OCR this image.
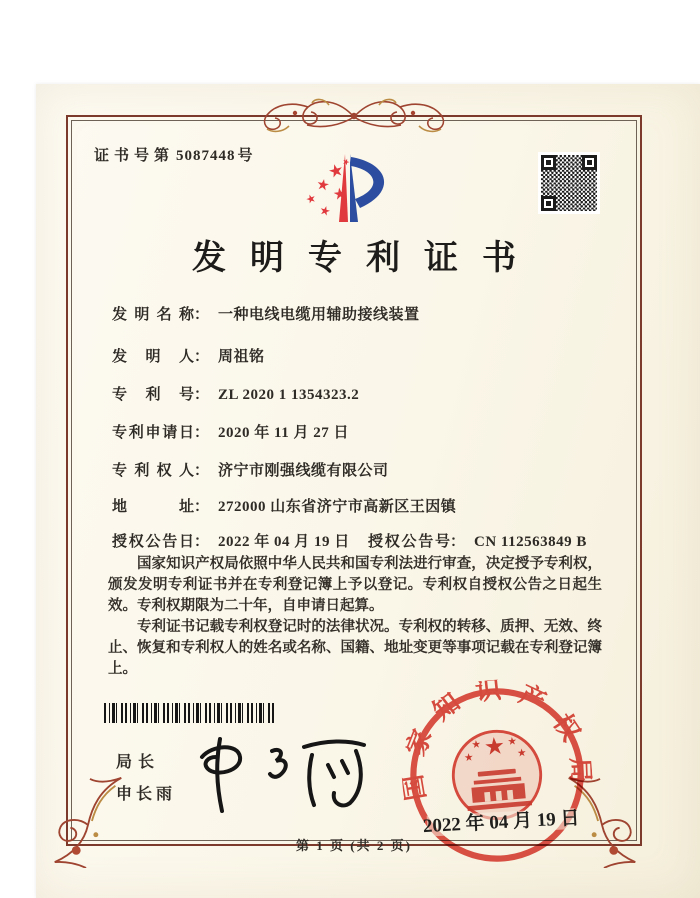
证书号第 5087448 号
发明专利证书
发明名称： 一种电线电缆用辅助接线装置
发明人： 周祖铭
专利号： ZL 2020 1 1354323.2
专利申请日： 2020 年 11 月 27 日
专利权人： 济宁市刚强线缆有限公司
地址： 272000 山东省济宁市高新区王因镇
授权公告日： 2022 年 04 月 19 日 授权公告号： CN 112563849 B

国家知识产权局依照中华人民共和国专利法进行审查，决定授予专利权，颁发发明专利证书并在专利登记簿上予以登记。专利权自授权公告之日起生效。专利权期限为二十年，自申请日起算。

专利证书记载专利权登记时的法律状况。专利权的转移、质押、无效、终止、恢复和专利权人的姓名或名称、国籍、地址变更等事项记载在专利登记簿上。

局长
申长雨	国家知识产权局
2022 年 04 月 19 日
第 1 页 (共 2 页)
